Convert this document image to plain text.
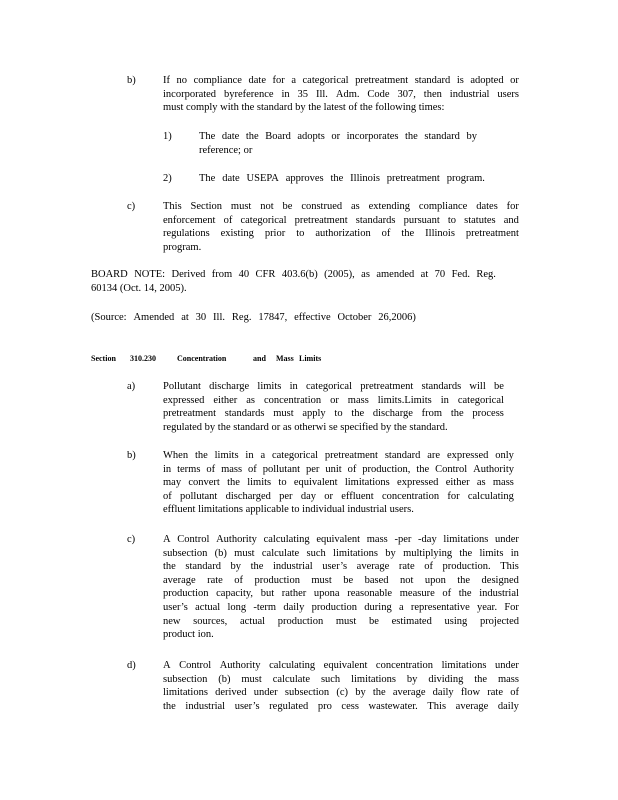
b)	If no compliance date for a categorical pretreatment standard is adopted or
incorporated byreference in 35 Ill. Adm. Code 307, then industrial users
must comply with the standard by the latest of the following times:
1)	The date the Board adopts or incorporates the standard by
reference; or
2)	The date USEPA approves the Illinois pretreatment program.
c)	This Section must not be construed as extending compliance dates for
enforcement of categorical pretreatment standards pursuant to statutes and
regulations existing prior to authorization of the Illinois pretreatment
program.
BOARD NOTE: Derived from 40 CFR 403.6(b) (2005), as amended at 70 Fed. Reg.
60134 (Oct. 14, 2005).
(Source: Amended at 30 Ill. Reg. 17847, effective October 26,2006)
Section 310.230	Concentration	and Mass Limits
a)	Pollutant discharge limits in categorical pretreatment standards will be
expressed either as concentration or mass limits.Limits in categorical
pretreatment standards must apply to the discharge from the process
regulated by the standard or as otherwi se specified by the standard.
b)	When the limits in a categorical pretreatment standard are expressed only
in terms of mass of pollutant per unit of production, the Control Authority
may convert the limits to equivalent limitations expressed either as mass
of pollutant discharged per day or effluent concentration for calculating
effluent limitations applicable to individual industrial users.
c)	A Control Authority calculating equivalent mass -per -day limitations under
subsection (b) must calculate such limitations by multiplying the limits in
the standard by the industrial user’s average rate of production. This
average rate of production must be based not upon the designed
production capacity, but rather upona reasonable measure of the industrial
user’s actual long -term daily production during a representative year. For
new sources, actual production must be estimated using projected
product ion.
d)	A Control Authority calculating equivalent concentration limitations under
subsection (b) must calculate such limitations by dividing the mass
limitations derived under subsection (c) by the average daily flow rate of
the industrial user’s regulated pro cess wastewater. This average daily
